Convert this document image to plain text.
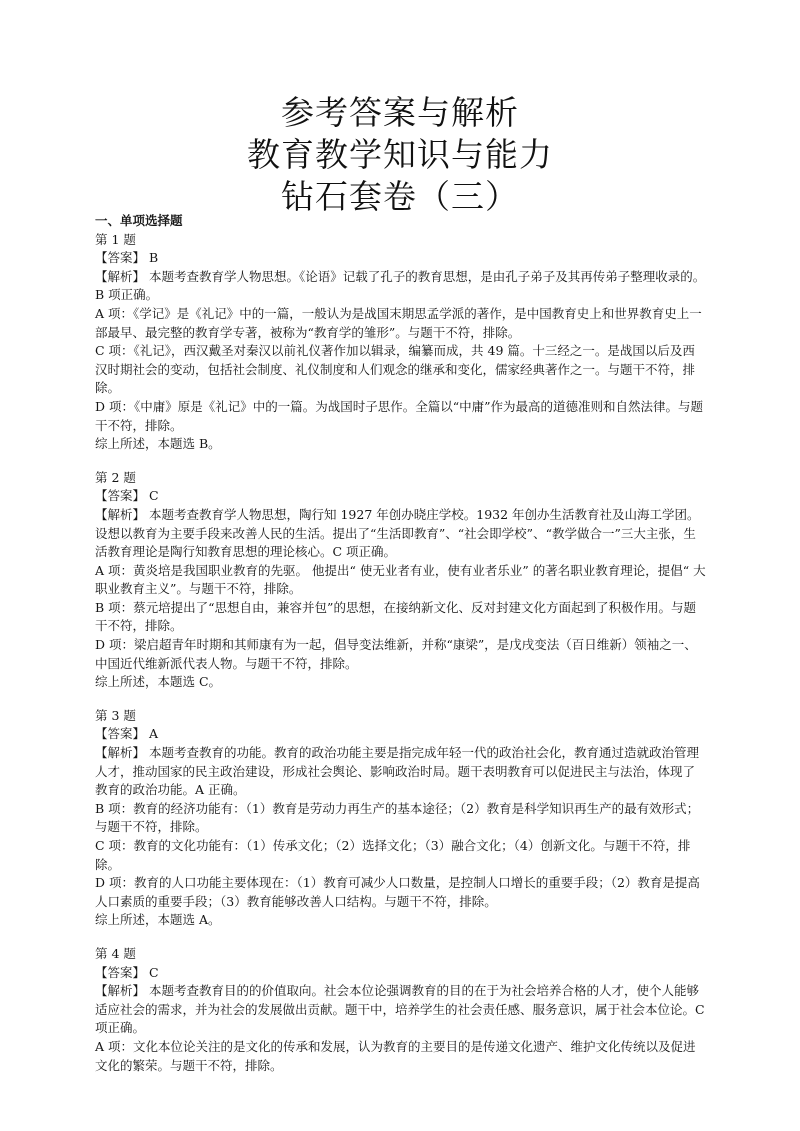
参考答案与解析
教育教学知识与能力
钻石套卷（三）

一、单项选择题

第 1 题

【答案】 B

【解析】 本题考查教育学人物思想。《论语》记载了孔子的教育思想，是由孔子弟子及其再传弟子整理收录的。B 项正确。

A 项：《学记》是《礼记》中的一篇，一般认为是战国末期思孟学派的著作，是中国教育史上和世界教育史上一部最早、最完整的教育学专著，被称为“教育学的雏形”。与题干不符，排除。

C 项：《礼记》，西汉戴圣对秦汉以前礼仪著作加以辑录，编纂而成，共 49 篇。十三经之一。是战国以后及西汉时期社会的变动，包括社会制度、礼仪制度和人们观念的继承和变化，儒家经典著作之一。与题干不符，排除。

D 项：《中庸》原是《礼记》中的一篇。为战国时子思作。全篇以“中庸”作为最高的道德准则和自然法律。与题干不符，排除。

综上所述，本题选 B。

第 2 题

【答案】 C

【解析】 本题考查教育学人物思想，陶行知 1927 年创办晓庄学校。1932 年创办生活教育社及山海工学团。设想以教育为主要手段来改善人民的生活。提出了“生活即教育”、“社会即学校”、“教学做合一”三大主张，生活教育理论是陶行知教育思想的理论核心。C 项正确。

A 项：黄炎培是我国职业教育的先驱。 他提出“ 使无业者有业，使有业者乐业” 的著名职业教育理论，提倡“ 大职业教育主义”。与题干不符，排除。

B 项：蔡元培提出了“思想自由，兼容并包”的思想，在接纳新文化、反对封建文化方面起到了积极作用。与题干不符，排除。

D 项：梁启超青年时期和其师康有为一起，倡导变法维新，并称“康梁”，是戊戌变法（百日维新）领袖之一、中国近代维新派代表人物。与题干不符，排除。

综上所述，本题选 C。

第 3 题

【答案】 A

【解析】 本题考查教育的功能。教育的政治功能主要是指完成年轻一代的政治社会化，教育通过造就政治管理人才，推动国家的民主政治建设，形成社会舆论、影响政治时局。题干表明教育可以促进民主与法治，体现了教育的政治功能。A 正确。

B 项：教育的经济功能有：（1）教育是劳动力再生产的基本途径；（2）教育是科学知识再生产的最有效形式；与题干不符，排除。

C 项：教育的文化功能有：（1）传承文化；（2）选择文化；（3）融合文化；（4）创新文化。与题干不符，排除。

D 项：教育的人口功能主要体现在：（1）教育可减少人口数量，是控制人口增长的重要手段；（2）教育是提高人口素质的重要手段；（3）教育能够改善人口结构。与题干不符，排除。

综上所述，本题选 A。

第 4 题

【答案】 C

【解析】 本题考查教育目的的价值取向。社会本位论强调教育的目的在于为社会培养合格的人才，使个人能够适应社会的需求，并为社会的发展做出贡献。题干中，培养学生的社会责任感、服务意识，属于社会本位论。C 项正确。

A 项：文化本位论关注的是文化的传承和发展，认为教育的主要目的是传递文化遗产、维护文化传统以及促进文化的繁荣。与题干不符，排除。
